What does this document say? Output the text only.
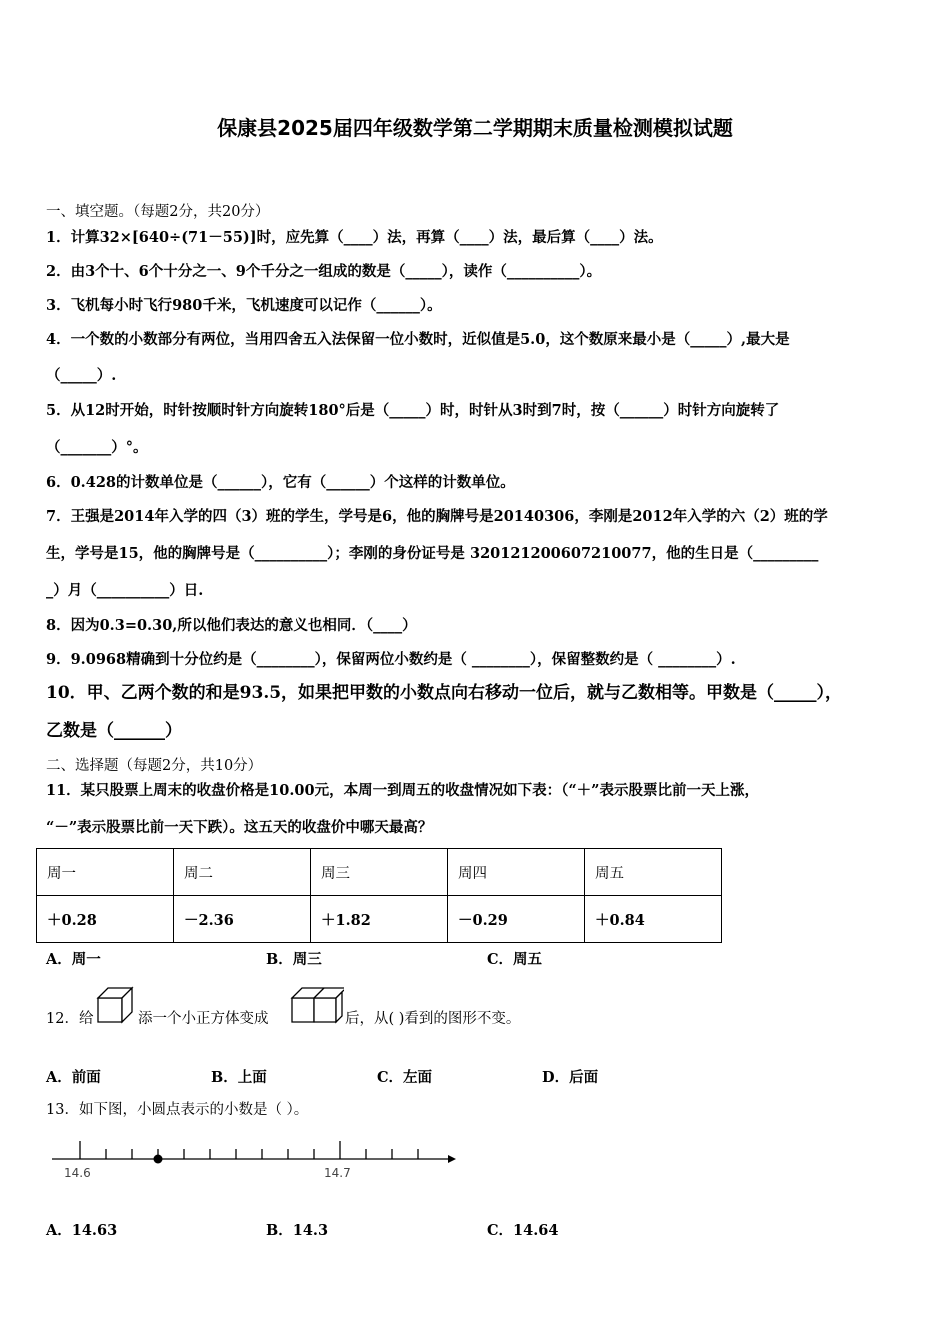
保康县2025届四年级数学第二学期期末质量检测模拟试题
一、填空题。（每题2分，共20分）
1．计算32×[640÷(71－55)]时，应先算（____）法，再算（____）法，最后算（____）法。
2．由3个十、6个十分之一、9个千分之一组成的数是（_____），读作（__________）。
3．飞机每小时飞行980千米，飞机速度可以记作（______）。
4．一个数的小数部分有两位，当用四舍五入法保留一位小数时，近似值是5.0，这个数原来最小是（_____）,最大是
（_____）.
5．从12时开始，时针按顺时针方向旋转180°后是（_____）时，时针从3时到7时，按（______）时针方向旋转了
（_______）°。
6．0.428的计数单位是（______），它有（______）个这样的计数单位。
7．王强是2014年入学的四（3）班的学生，学号是6，他的胸牌号是20140306，李刚是2012年入学的六（2）班的学
生，学号是15，他的胸牌号是（__________）；李刚的身份证号是 320121200607210077，他的生日是（_________
_）月（__________）日.
8．因为0.3=0.30,所以他们表达的意义也相同．（____）
9．9.0968精确到十分位约是（________），保留两位小数约是（ ________），保留整数约是（ ________）.
10．甲、乙两个数的和是93.5，如果把甲数的小数点向右移动一位后，就与乙数相等。甲数是（_____），
乙数是（______）
二、选择题（每题2分，共10分）
11．某只股票上周末的收盘价格是10.00元，本周一到周五的收盘情况如下表：（“＋”表示股票比前一天上涨，
“－”表示股票比前一天下跌）。这五天的收盘价中哪天最高？
周一	周二	周三	周四	周五
＋0.28	－2.36	＋1.82	－0.29	＋0.84
A．周一	B．周三	C．周五
12．给	添一个小正方体变成	后，从( )看到的图形不变。
A．前面	B．上面	C．左面	D．后面
13．如下图，小圆点表示的小数是（ ）。
14.6	14.7
A．14.63	B．14.3	C．14.64
